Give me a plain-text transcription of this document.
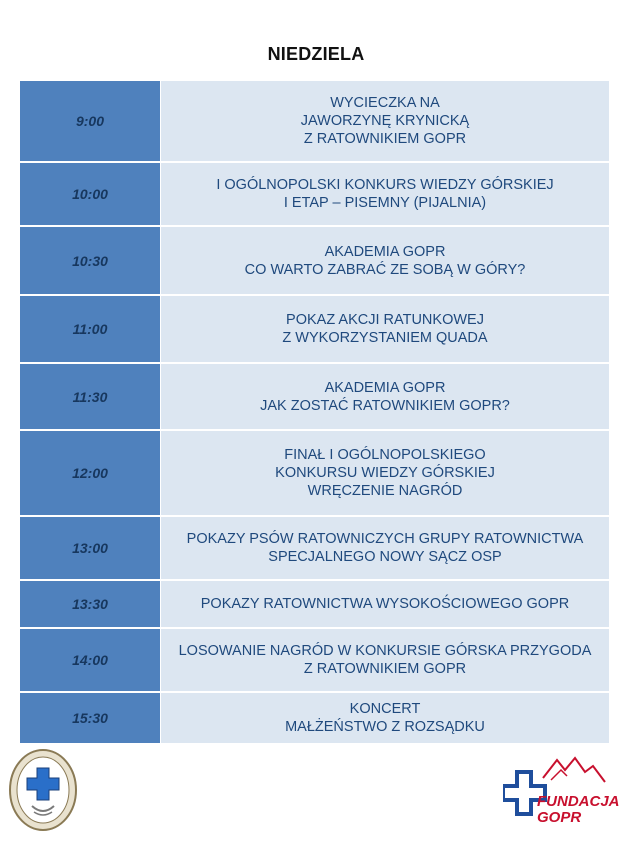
NIEDZIELA
9:00
WYCIECZKA NA
JAWORZYNĘ KRYNICKĄ
Z RATOWNIKIEM GOPR
10:00
I OGÓLNOPOLSKI KONKURS WIEDZY GÓRSKIEJ
I ETAP – PISEMNY (PIJALNIA)
10:30
AKADEMIA GOPR
CO WARTO ZABRAĆ ZE SOBĄ W GÓRY?
11:00
POKAZ AKCJI RATUNKOWEJ
Z WYKORZYSTANIEM QUADA
11:30
AKADEMIA GOPR
JAK ZOSTAĆ RATOWNIKIEM GOPR?
12:00
FINAŁ I OGÓLNOPOLSKIEGO
KONKURSU WIEDZY GÓRSKIEJ
WRĘCZENIE NAGRÓD
13:00
POKAZY PSÓW RATOWNICZYCH GRUPY RATOWNICTWA
SPECJALNEGO NOWY SĄCZ OSP
13:30	POKAZY RATOWNICTWA WYSOKOŚCIOWEGO GOPR
14:00
LOSOWANIE NAGRÓD W KONKURSIE GÓRSKA PRZYGODA
Z RATOWNIKIEM GOPR
15:30
KONCERT
MAŁŻEŃSTWO Z ROZSĄDKU
FUNDACJA
GOPR
